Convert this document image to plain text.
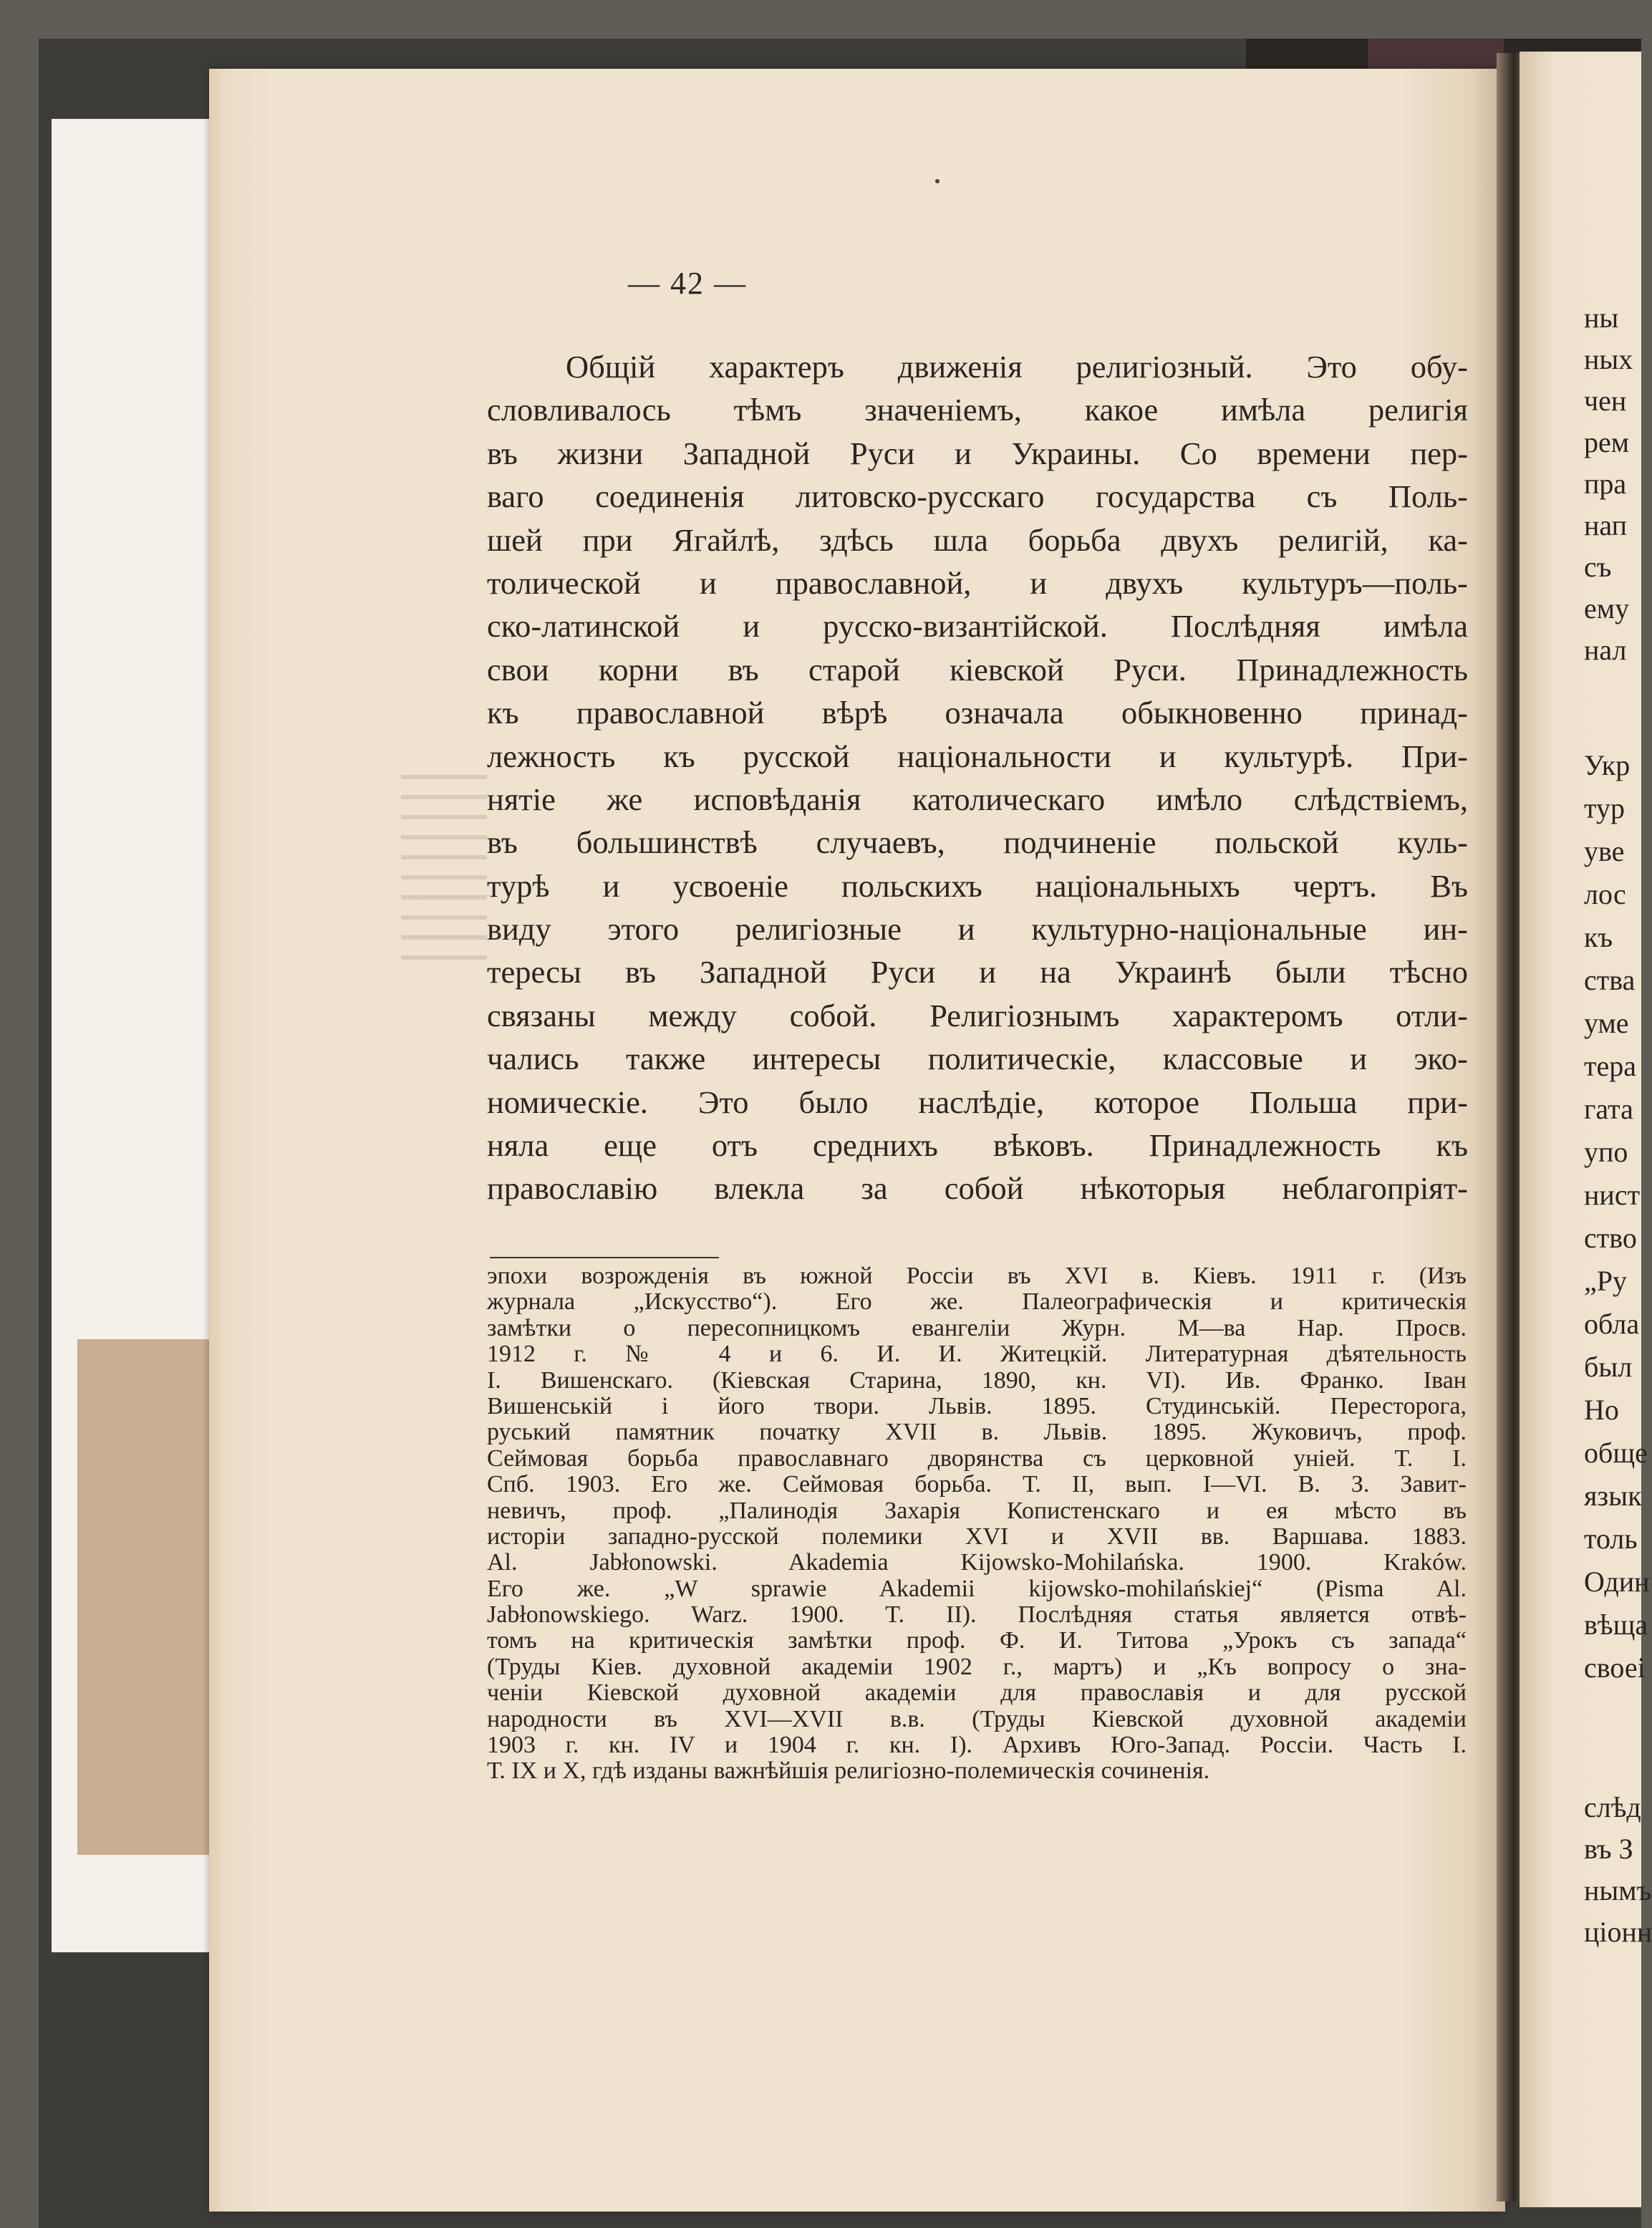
— 42 —
Общій характеръ движенія религіозный. Это обу-
словливалось тѣмъ значеніемъ, какое имѣла религія
въ жизни Западной Руси и Украины. Со времени пер-
ваго соединенія литовско-русскаго государства съ Поль-
шей при Ягайлѣ, здѣсь шла борьба двухъ религій, ка-
толической и православной, и двухъ культуръ—поль-
ско-латинской и русско-византійской. Послѣдняя имѣла
свои корни въ старой кіевской Руси. Принадлежность
къ православной вѣрѣ означала обыкновенно принад-
лежность къ русской національности и культурѣ. При-
нятіе же исповѣданія католическаго имѣло слѣдствіемъ,
въ большинствѣ случаевъ, подчиненіе польской куль-
турѣ и усвоеніе польскихъ національныхъ чертъ. Въ
виду этого религіозные и культурно-національные ин-
тересы въ Западной Руси и на Украинѣ были тѣсно
связаны между собой. Религіознымъ характеромъ отли-
чались также интересы политическіе, классовые и эко-
номическіе. Это было наслѣдіе, которое Польша при-
няла еще отъ среднихъ вѣковъ. Принадлежность къ
православію влекла за собой нѣкоторыя неблагопріят-
эпохи возрожденія въ южной Россіи въ XVI в. Кіевъ. 1911 г. (Изъ
журнала „Искусство“). Его же. Палеографическія и критическія
замѣтки о пересопницкомъ евангеліи Журн. М—ва Нар. Просв.
1912 г. № 4 и 6. И. И. Житецкій. Литературная дѣятельность
І. Вишенскаго. (Кіевская Старина, 1890, кн. VI). Ив. Франко. Іван
Вишенськiй і його твори. Львів. 1895. Студинськiй. Пересторога,
руський памятник початку XVII в. Львів. 1895. Жуковичъ, проф.
Сеймовая борьба православнаго дворянства съ церковной уніей. Т. І.
Спб. 1903. Его же. Сеймовая борьба. Т. II, вып. I—VI. В. З. Завит-
невичъ, проф. „Палинодія Захарія Копистенскаго и ея мѣсто въ
исторіи западнo-русской полемики XVI и XVII вв. Варшава. 1883.
Al. Jabłonowski. Akademia Kijowsko-Mohilańska. 1900. Kraków.
Его же. „W sprawie Akademii kijowsko-mohilańskiej“ (Pisma Al.
Jabłonowskiego. Warz. 1900. T. II). Послѣдняя статья является отвѣ-
томъ на критическія замѣтки проф. Ф. И. Титова „Урокъ съ запада“
(Труды Кіев. духовной академіи 1902 г., мартъ) и „Къ вопросу о зна-
ченіи Кіевской духовной академіи для православія и для русской
народности въ XVI—XVII в.в. (Труды Кіевской духовной академіи
1903 г. кн. IV и 1904 г. кн. I). Архивъ Юго-Запад. Россіи. Часть I.
Т. IX и X, гдѣ изданы важнѣйшія религіозно-полемическія сочиненія.
ны
ных
чен
рем
пра
нап
съ
ему
нал
Укр
тур
уве
лос
къ
ства
уме
тера
гата
упо
нист
ство
„Ру
обла
был
Но
обще
язык
толь
Один
вѣща
своеі
слѣд
въ З
нымъ
ціонн
